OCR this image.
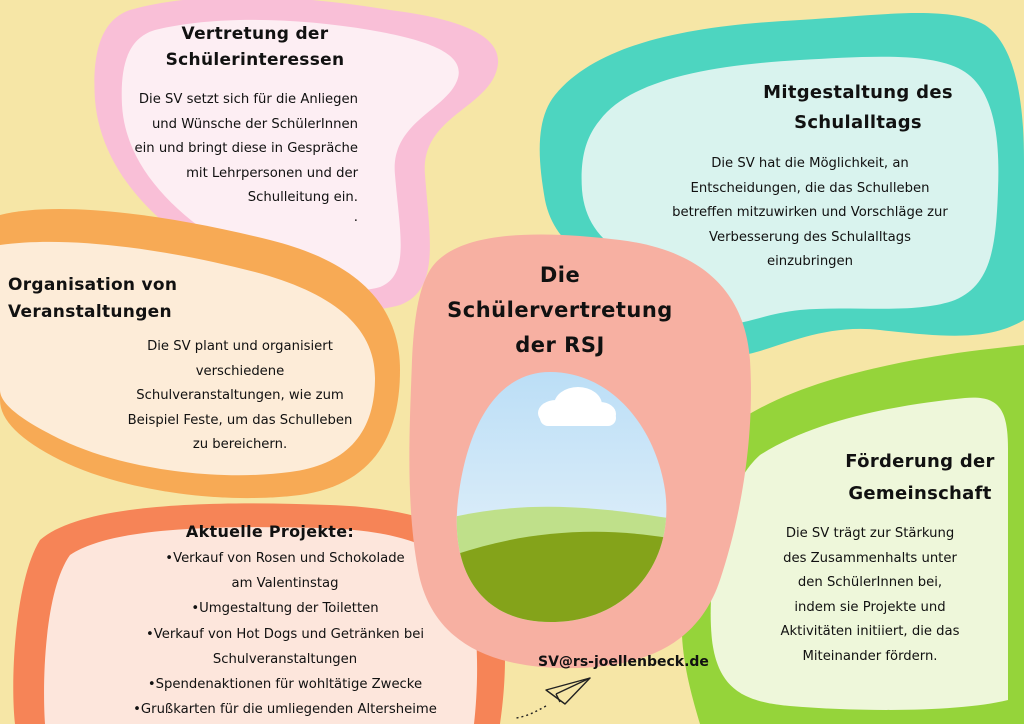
Vertretung der
Schülerinteressen
Die SV setzt sich für die Anliegen
und Wünsche der SchülerInnen
ein und bringt diese in Gespräche
mit Lehrpersonen und der
Schulleitung ein.
.
Mitgestaltung des
Schulalltags
Die SV hat die Möglichkeit, an
Entscheidungen, die das Schulleben
betreffen mitzuwirken und Vorschläge zur
Verbesserung des Schulalltags
einzubringen
Organisation von
Veranstaltungen
Die SV plant und organisiert
verschiedene
Schulveranstaltungen, wie zum
Beispiel Feste, um das Schulleben
zu bereichern.
Die
Schülervertretung
der RSJ
Förderung der
Gemeinschaft
Die SV trägt zur Stärkung
des Zusammenhalts unter
den SchülerInnen bei,
indem sie Projekte und
Aktivitäten initiiert, die das
Miteinander fördern.
Aktuelle Projekte:
•Verkauf von Rosen und Schokolade
am Valentinstag
•Umgestaltung der Toiletten
•Verkauf von Hot Dogs und Getränken bei
Schulveranstaltungen
•Spendenaktionen für wohltätige Zwecke
•Grußkarten für die umliegenden Altersheime
SV@rs-joellenbeck.de
